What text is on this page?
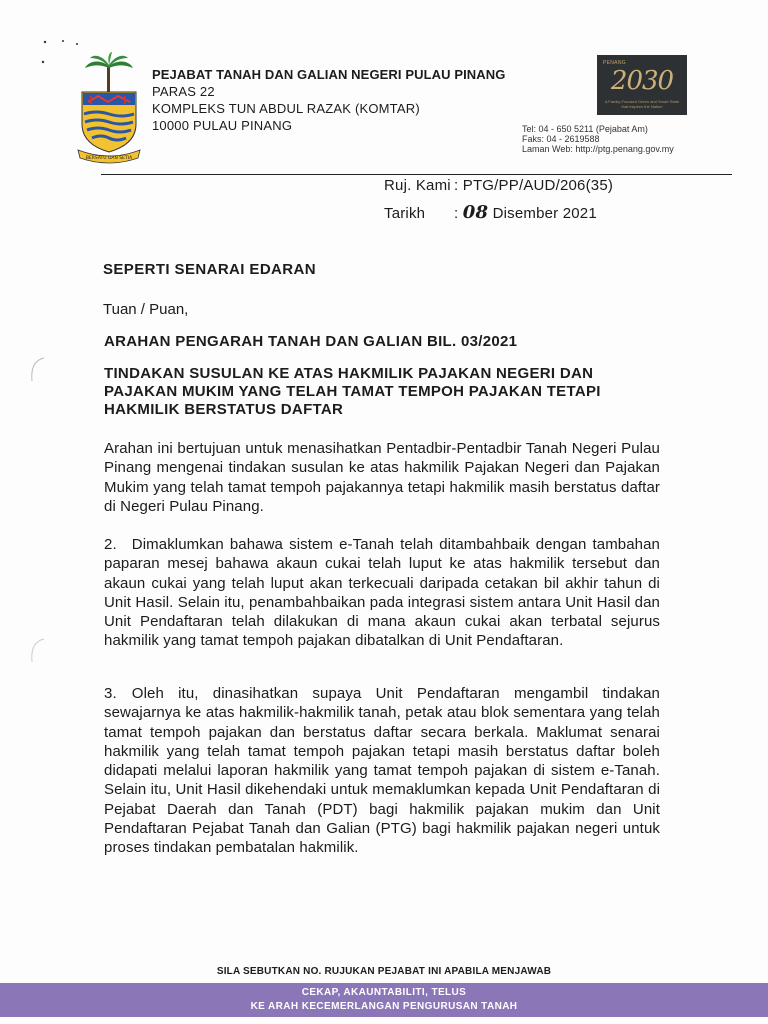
BERSATU DAN SETIA
PEJABAT TANAH DAN GALIAN NEGERI PULAU PINANG
PARAS 22
KOMPLEKS TUN ABDUL RAZAK (KOMTAR)
10000 PULAU PINANG
PENANG
2030
A Family-Focused Green and Smart State that inspires the Nation
Tel: 04 - 650 5211 (Pejabat Am)
Faks: 04 - 2619588
Laman Web: http://ptg.penang.gov.my
Ruj. Kami : PTG/PP/AUD/206(35)
Tarikh : 08 Disember 2021
SEPERTI SENARAI EDARAN
Tuan / Puan,
ARAHAN PENGARAH TANAH DAN GALIAN BIL. 03/2021
TINDAKAN SUSULAN KE ATAS HAKMILIK PAJAKAN NEGERI DAN PAJAKAN MUKIM YANG TELAH TAMAT TEMPOH PAJAKAN TETAPI HAKMILIK BERSTATUS DAFTAR
Arahan ini bertujuan untuk menasihatkan Pentadbir-Pentadbir Tanah Negeri Pulau Pinang mengenai tindakan susulan ke atas hakmilik Pajakan Negeri dan Pajakan Mukim yang telah tamat tempoh pajakannya tetapi hakmilik masih berstatus daftar di Negeri Pulau Pinang.
2. Dimaklumkan bahawa sistem e-Tanah telah ditambahbaik dengan tambahan paparan mesej bahawa akaun cukai telah luput ke atas hakmilik tersebut dan akaun cukai yang telah luput akan terkecuali daripada cetakan bil akhir tahun di Unit Hasil. Selain itu, penambahbaikan pada integrasi sistem antara Unit Hasil dan Unit Pendaftaran telah dilakukan di mana akaun cukai akan terbatal sejurus hakmilik yang tamat tempoh pajakan dibatalkan di Unit Pendaftaran.
3. Oleh itu, dinasihatkan supaya Unit Pendaftaran mengambil tindakan sewajarnya ke atas hakmilik-hakmilik tanah, petak atau blok sementara yang telah tamat tempoh pajakan dan berstatus daftar secara berkala. Maklumat senarai hakmilik yang telah tamat tempoh pajakan tetapi masih berstatus daftar boleh didapati melalui laporan hakmilik yang tamat tempoh pajakan di sistem e-Tanah. Selain itu, Unit Hasil dikehendaki untuk memaklumkan kepada Unit Pendaftaran di Pejabat Daerah dan Tanah (PDT) bagi hakmilik pajakan mukim dan Unit Pendaftaran Pejabat Tanah dan Galian (PTG) bagi hakmilik pajakan negeri untuk proses tindakan pembatalan hakmilik.
SILA SEBUTKAN NO. RUJUKAN PEJABAT INI APABILA MENJAWAB
CEKAP, AKAUNTABILITI, TELUS
KE ARAH KECEMERLANGAN PENGURUSAN TANAH
